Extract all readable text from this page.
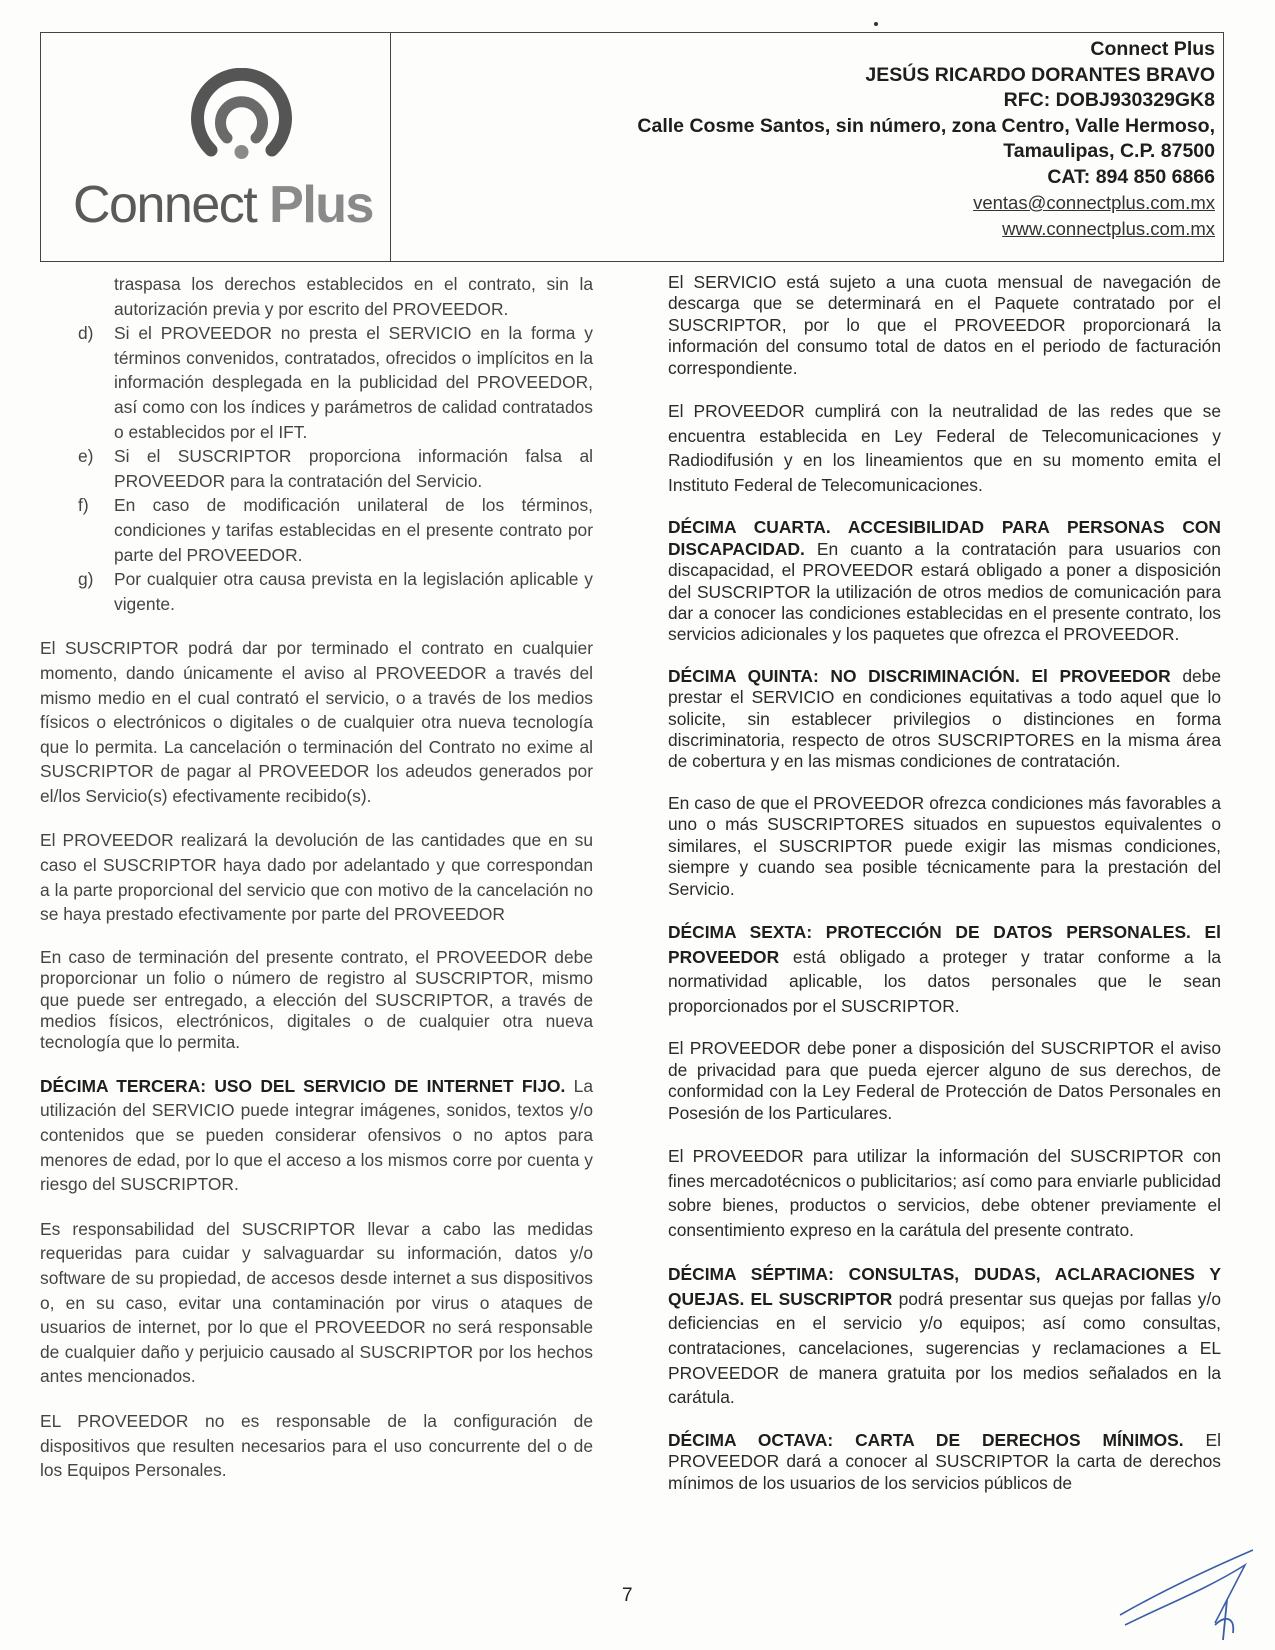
Connect Plus
Connect Plus
JESÚS RICARDO DORANTES BRAVO
RFC: DOBJ930329GK8
Calle Cosme Santos, sin número, zona Centro, Valle Hermoso,
Tamaulipas, C.P. 87500
CAT: 894 850 6866
ventas@connectplus.com.mx
www.connectplus.com.mx

traspasa los derechos establecidos en el contrato, sin la autorización previa y por escrito del PROVEEDOR.

d) Si el PROVEEDOR no presta el SERVICIO en la forma y términos convenidos, contratados, ofrecidos o implícitos en la información desplegada en la publicidad del PROVEEDOR, así como con los índices y parámetros de calidad contratados o establecidos por el IFT.
e) Si el SUSCRIPTOR proporciona información falsa al PROVEEDOR para la contratación del Servicio.
f) En caso de modificación unilateral de los términos, condiciones y tarifas establecidas en el presente contrato por parte del PROVEEDOR.
g) Por cualquier otra causa prevista en la legislación aplicable y vigente.

El SUSCRIPTOR podrá dar por terminado el contrato en cualquier momento, dando únicamente el aviso al PROVEEDOR a través del mismo medio en el cual contrató el servicio, o a través de los medios físicos o electrónicos o digitales o de cualquier otra nueva tecnología que lo permita. La cancelación o terminación del Contrato no exime al SUSCRIPTOR de pagar al PROVEEDOR los adeudos generados por el/los Servicio(s) efectivamente recibido(s).

El PROVEEDOR realizará la devolución de las cantidades que en su caso el SUSCRIPTOR haya dado por adelantado y que correspondan a la parte proporcional del servicio que con motivo de la cancelación no se haya prestado efectivamente por parte del PROVEEDOR

En caso de terminación del presente contrato, el PROVEEDOR debe proporcionar un folio o número de registro al SUSCRIPTOR, mismo que puede ser entregado, a elección del SUSCRIPTOR, a través de medios físicos, electrónicos, digitales o de cualquier otra nueva tecnología que lo permita.

DÉCIMA TERCERA: USO DEL SERVICIO DE INTERNET FIJO. La utilización del SERVICIO puede integrar imágenes, sonidos, textos y/o contenidos que se pueden considerar ofensivos o no aptos para menores de edad, por lo que el acceso a los mismos corre por cuenta y riesgo del SUSCRIPTOR.

Es responsabilidad del SUSCRIPTOR llevar a cabo las medidas requeridas para cuidar y salvaguardar su información, datos y/o software de su propiedad, de accesos desde internet a sus dispositivos o, en su caso, evitar una contaminación por virus o ataques de usuarios de internet, por lo que el PROVEEDOR no será responsable de cualquier daño y perjuicio causado al SUSCRIPTOR por los hechos antes mencionados.

EL PROVEEDOR no es responsable de la configuración de dispositivos que resulten necesarios para el uso concurrente del o de los Equipos Personales.

El SERVICIO está sujeto a una cuota mensual de navegación de descarga que se determinará en el Paquete contratado por el SUSCRIPTOR, por lo que el PROVEEDOR proporcionará la información del consumo total de datos en el periodo de facturación correspondiente.

El PROVEEDOR cumplirá con la neutralidad de las redes que se encuentra establecida en Ley Federal de Telecomunicaciones y Radiodifusión y en los lineamientos que en su momento emita el Instituto Federal de Telecomunicaciones.

DÉCIMA CUARTA. ACCESIBILIDAD PARA PERSONAS CON DISCAPACIDAD. En cuanto a la contratación para usuarios con discapacidad, el PROVEEDOR estará obligado a poner a disposición del SUSCRIPTOR la utilización de otros medios de comunicación para dar a conocer las condiciones establecidas en el presente contrato, los servicios adicionales y los paquetes que ofrezca el PROVEEDOR.

DÉCIMA QUINTA: NO DISCRIMINACIÓN. El PROVEEDOR debe prestar el SERVICIO en condiciones equitativas a todo aquel que lo solicite, sin establecer privilegios o distinciones en forma discriminatoria, respecto de otros SUSCRIPTORES en la misma área de cobertura y en las mismas condiciones de contratación.

En caso de que el PROVEEDOR ofrezca condiciones más favorables a uno o más SUSCRIPTORES situados en supuestos equivalentes o similares, el SUSCRIPTOR puede exigir las mismas condiciones, siempre y cuando sea posible técnicamente para la prestación del Servicio.

DÉCIMA SEXTA: PROTECCIÓN DE DATOS PERSONALES. El PROVEEDOR está obligado a proteger y tratar conforme a la normatividad aplicable, los datos personales que le sean proporcionados por el SUSCRIPTOR.

El PROVEEDOR debe poner a disposición del SUSCRIPTOR el aviso de privacidad para que pueda ejercer alguno de sus derechos, de conformidad con la Ley Federal de Protección de Datos Personales en Posesión de los Particulares.

El PROVEEDOR para utilizar la información del SUSCRIPTOR con fines mercadotécnicos o publicitarios; así como para enviarle publicidad sobre bienes, productos o servicios, debe obtener previamente el consentimiento expreso en la carátula del presente contrato.

DÉCIMA SÉPTIMA: CONSULTAS, DUDAS, ACLARACIONES Y QUEJAS. EL SUSCRIPTOR podrá presentar sus quejas por fallas y/o deficiencias en el servicio y/o equipos; así como consultas, contrataciones, cancelaciones, sugerencias y reclamaciones a EL PROVEEDOR de manera gratuita por los medios señalados en la carátula.

DÉCIMA OCTAVA: CARTA DE DERECHOS MÍNIMOS. El PROVEEDOR dará a conocer al SUSCRIPTOR la carta de derechos mínimos de los usuarios de los servicios públicos de

7
